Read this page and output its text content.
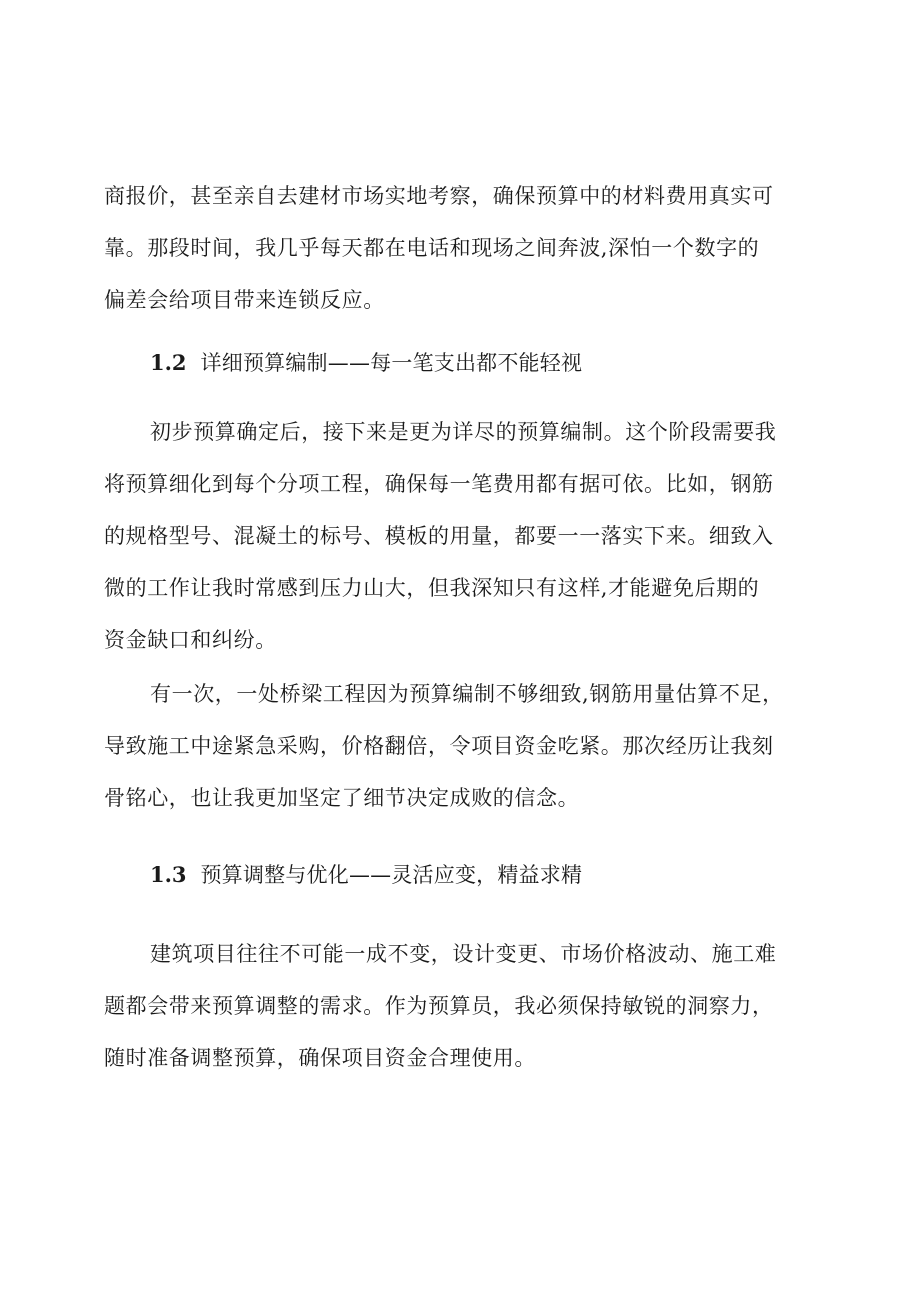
商报价，甚至亲自去建材市场实地考察，确保预算中的材料费用真实可
靠。那段时间，我几乎每天都在电话和现场之间奔波,深怕一个数字的
偏差会给项目带来连锁反应。
1.2 详细预算编制——每一笔支出都不能轻视
初步预算确定后，接下来是更为详尽的预算编制。这个阶段需要我
将预算细化到每个分项工程，确保每一笔费用都有据可依。比如，钢筋
的规格型号、混凝土的标号、模板的用量，都要一一落实下来。细致入
微的工作让我时常感到压力山大，但我深知只有这样,才能避免后期的
资金缺口和纠纷。
有一次，一处桥梁工程因为预算编制不够细致,钢筋用量估算不足，
导致施工中途紧急采购，价格翻倍，令项目资金吃紧。那次经历让我刻
骨铭心，也让我更加坚定了细节决定成败的信念。
1.3 预算调整与优化——灵活应变，精益求精
建筑项目往往不可能一成不变，设计变更、市场价格波动、施工难
题都会带来预算调整的需求。作为预算员，我必须保持敏锐的洞察力，
随时准备调整预算，确保项目资金合理使用。
